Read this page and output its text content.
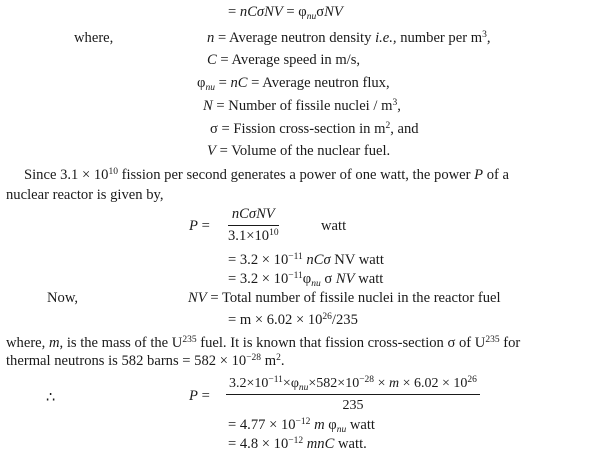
= $nC\sigma NV = \varphi_{nu}\sigma NV$
where,	n = Average neutron density i.e., number per $m^3$,
C = Average speed in m/s,
$\varphi_{nu}$ = nC = Average neutron flux,
N = Number of fissile nuclei / $m^3$,
σ = Fission cross-section in $m^2$, and
V = Volume of the nuclear fuel.
Since $3.1 \times 10^{10}$ fission per second generates a power of one watt, the power P of a
nuclear reactor is given by,
P =
nCσNV
$3.1\times 10^{10}$	watt
= $3.2 \times 10^{-11}$ nCσ NV watt
= $3.2 \times 10^{-11}\varphi_{nu}$ σ NV watt
Now,	NV = Total number of fissile nuclei in the reactor fuel
= $m \times 6.02 \times 10^{26}/235$
where, m, is the mass of the $U^{235}$ fuel. It is known that fission cross-section σ of $U^{235}$ for
thermal neutrons is 582 barns = $582 \times 10^{-28}$ $m^2$.
∴	P =
$3.2\times 10^{-11}\times\varphi_{nu}\times 582\times 10^{-28} \times m \times 6.02 \times 10^{26}$
235
= $4.77 \times 10^{-12}$ m $\varphi_{nu}$ watt
= $4.8 \times 10^{-12}$ mnC watt.
